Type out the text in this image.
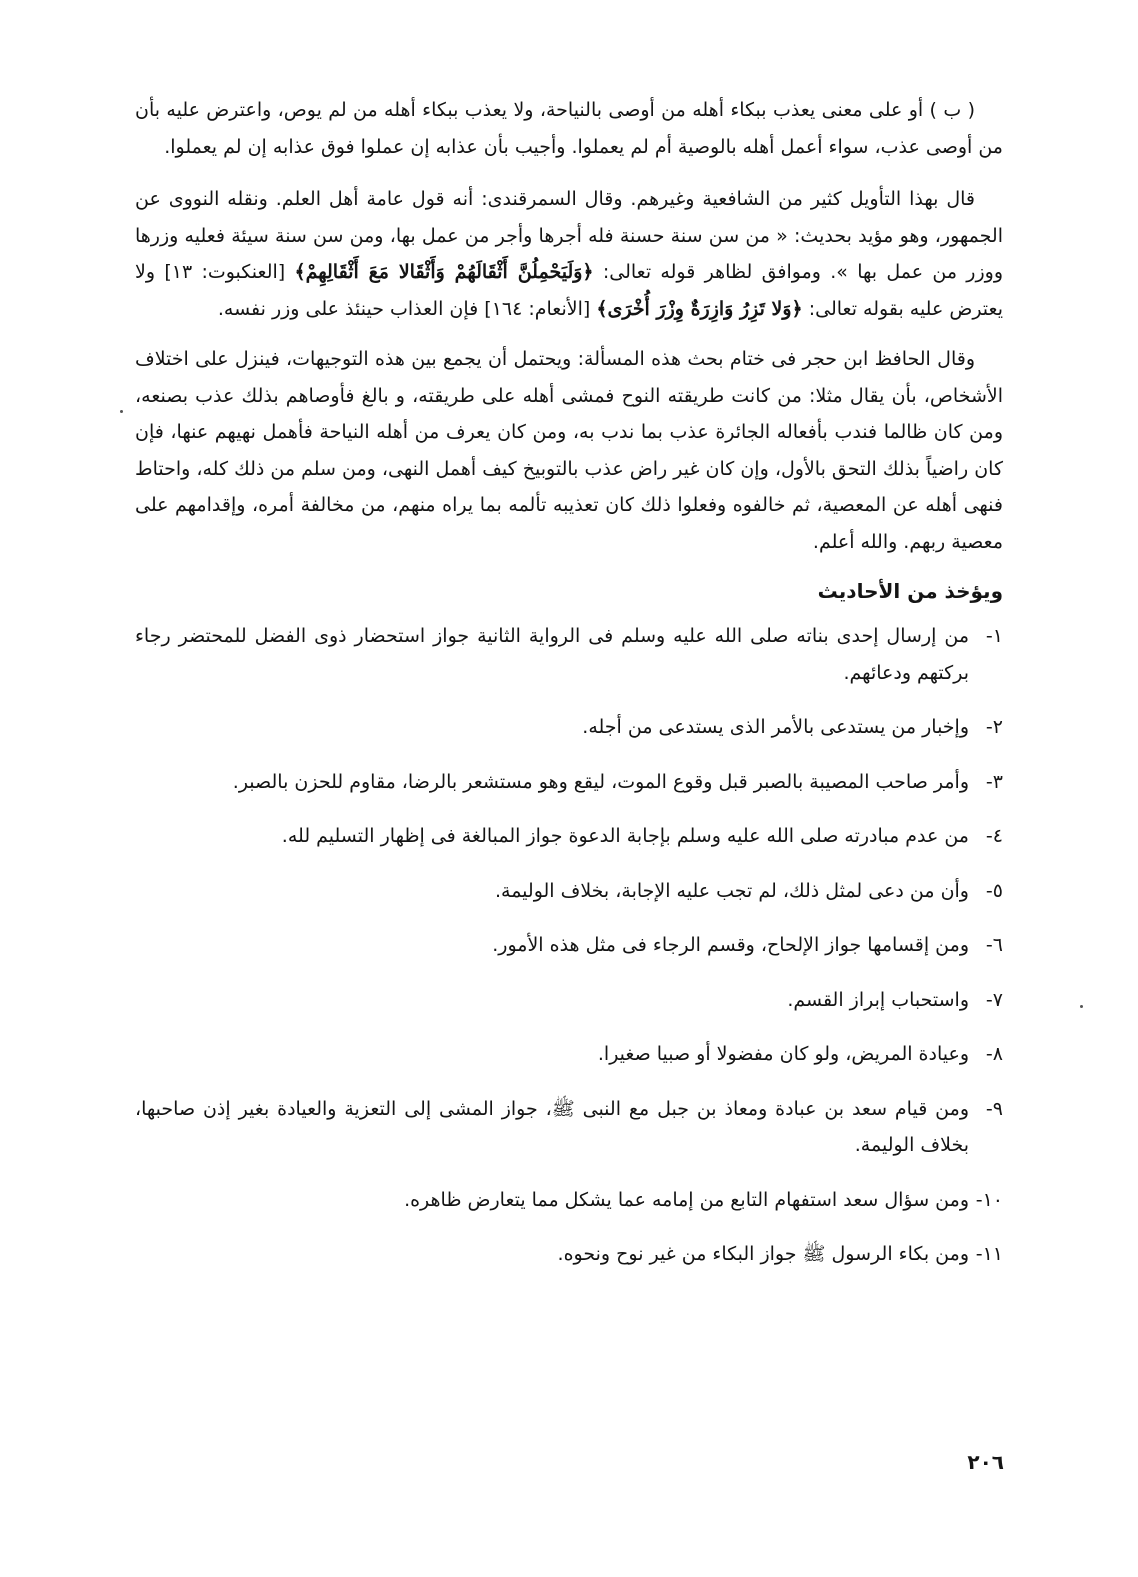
( ب ) أو على معنى يعذب ببكاء أهله من أوصى بالنياحة، ولا يعذب ببكاء أهله من لم يوص، واعترض عليه بأن من أوصى عذب، سواء أعمل أهله بالوصية أم لم يعملوا. وأجيب بأن عذابه إن عملوا فوق عذابه إن لم يعملوا.

قال بهذا التأويل كثير من الشافعية وغيرهم. وقال السمرقندى: أنه قول عامة أهل العلم. ونقله النووى عن الجمهور، وهو مؤيد بحديث: « من سن سنة حسنة فله أجرها وأجر من عمل بها، ومن سن سنة سيئة فعليه وزرها ووزر من عمل بها ». وموافق لظاهر قوله تعالى: ﴿وَلَيَحْمِلُنَّ أَثْقَالَهُمْ وَأَثْقَالا مَعَ أَثْقَالِهِمْ﴾ [العنكبوت: ١٣] ولا يعترض عليه بقوله تعالى: ﴿وَلا تَزِرُ وَازِرَةٌ وِزْرَ أُخْرَى﴾ [الأنعام: ١٦٤] فإن العذاب حينئذ على وزر نفسه.

وقال الحافظ ابن حجر فى ختام بحث هذه المسألة: ويحتمل أن يجمع بين هذه التوجيهات، فينزل على اختلاف الأشخاص، بأن يقال مثلا: من كانت طريقته النوح فمشى أهله على طريقته، و بالغ فأوصاهم بذلك عذب بصنعه، ومن كان ظالما فندب بأفعاله الجائرة عذب بما ندب به، ومن كان يعرف من أهله النياحة فأهمل نهيهم عنها، فإن كان راضياً بذلك التحق بالأول، وإن كان غير راض عذب بالتوبيخ كيف أهمل النهى، ومن سلم من ذلك كله، واحتاط فنهى أهله عن المعصية، ثم خالفوه وفعلوا ذلك كان تعذيبه تألمه بما يراه منهم، من مخالفة أمره، وإقدامهم على معصية ربهم. والله أعلم.

ويؤخذ من الأحاديث
١-
من إرسال إحدى بناته صلى الله عليه وسلم فى الرواية الثانية جواز استحضار ذوى الفضل للمحتضر رجاء بركتهم ودعائهم.
٢-
وإخبار من يستدعى بالأمر الذى يستدعى من أجله.
٣-
وأمر صاحب المصيبة بالصبر قبل وقوع الموت، ليقع وهو مستشعر بالرضا، مقاوم للحزن بالصبر.
٤-
من عدم مبادرته صلى الله عليه وسلم بإجابة الدعوة جواز المبالغة فى إظهار التسليم لله.
٥-
وأن من دعى لمثل ذلك، لم تجب عليه الإجابة، بخلاف الوليمة.
٦-
ومن إقسامها جواز الإلحاح، وقسم الرجاء فى مثل هذه الأمور.
٧-
واستحباب إبراز القسم.
٨-
وعيادة المريض، ولو كان مفضولا أو صبيا صغيرا.
٩-
ومن قيام سعد بن عبادة ومعاذ بن جبل مع النبى ﷺ، جواز المشى إلى التعزية والعيادة بغير إذن صاحبها، بخلاف الوليمة.
١٠-
ومن سؤال سعد استفهام التابع من إمامه عما يشكل مما يتعارض ظاهره.
١١-
ومن بكاء الرسول ﷺ جواز البكاء من غير نوح ونحوه.
٢٠٦
